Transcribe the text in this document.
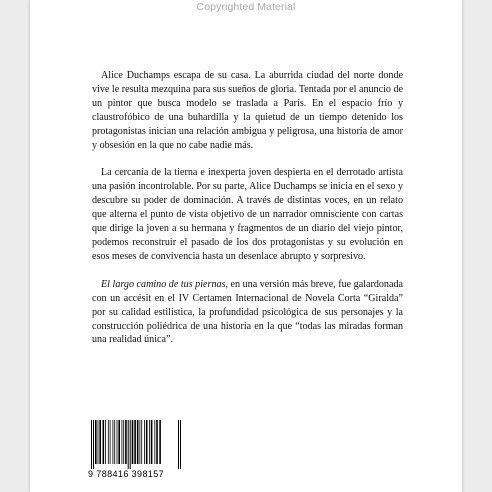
Copyrighted Material

Alice Duchamps escapa de su casa. La aburrida ciudad del norte donde vive le resulta mezquina para sus sueños de gloria. Tentada por el anuncio de un pintor que busca modelo se traslada a París. En el espacio frío y claustrofóbico de una buhardilla y la quietud de un tiempo detenido los protagonistas inician una relación ambigua y peligrosa, una historia de amor y obsesión en la que no cabe nadie más.

La cercanía de la tierna e inexperta joven despierta en el derrotado artista una pasión incontrolable. Por su parte, Alice Duchamps se inicia en el sexo y descubre su poder de dominación. A través de distintas voces, en un relato que alterna el punto de vista objetivo de un narrador omnisciente con cartas que dirige la joven a su hermana y fragmentos de un diario del viejo pintor, podemos reconstruir el pasado de los dos protagonistas y su evolución en esos meses de convivencia hasta un desenlace abrupto y sorpresivo.

El largo camino de tus piernas, en una versión más breve, fue galardonada con un accésit en el IV Certamen Internacional de Novela Corta “Giralda” por su calidad estilística, la profundidad psicológica de sus personajes y la construcción poliédrica de una historia en la que “todas las miradas forman una realidad única”.

9 788416 398157
